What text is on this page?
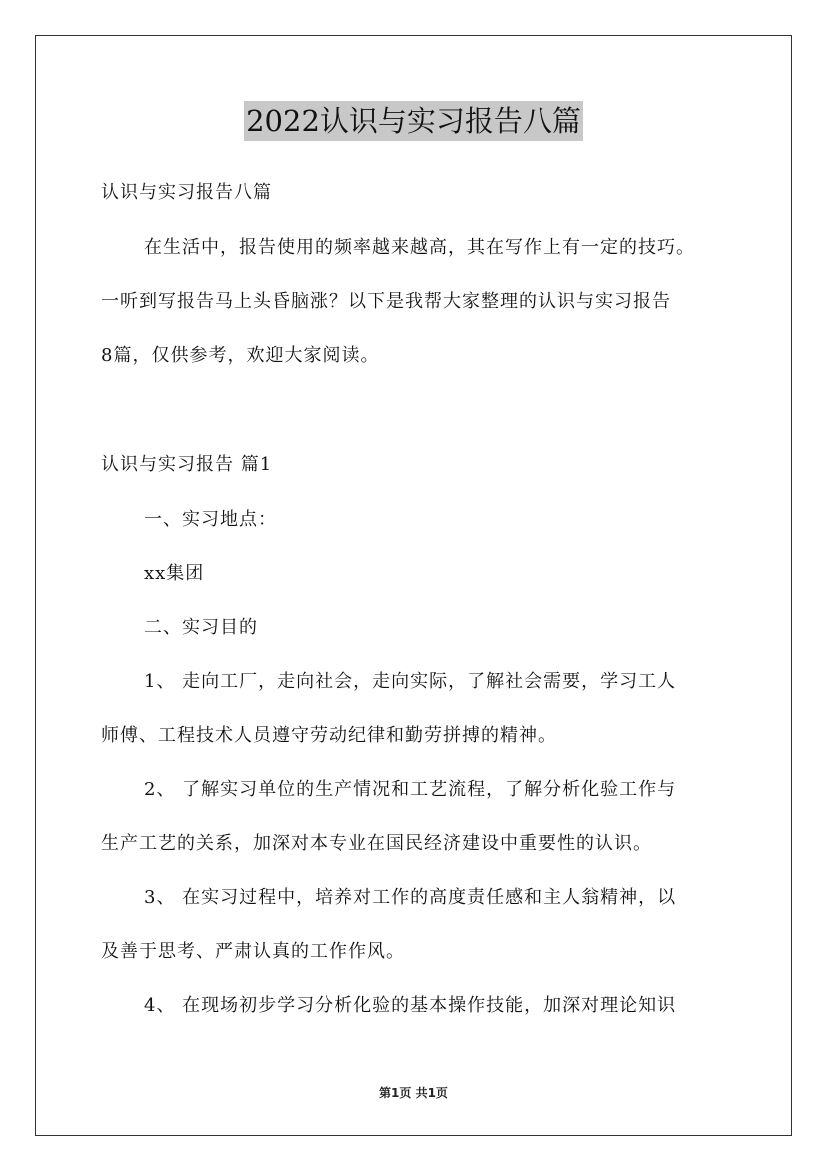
2022认识与实习报告八篇
认识与实习报告八篇
在生活中，报告使用的频率越来越高，其在写作上有一定的技巧。
一听到写报告马上头昏脑涨？以下是我帮大家整理的认识与实习报告
8篇，仅供参考，欢迎大家阅读。
认识与实习报告 篇1
一、实习地点：
xx集团
二、实习目的
1、 走向工厂，走向社会，走向实际，了解社会需要，学习工人
师傅、工程技术人员遵守劳动纪律和勤劳拼搏的精神。
2、 了解实习单位的生产情况和工艺流程，了解分析化验工作与
生产工艺的关系，加深对本专业在国民经济建设中重要性的认识。
3、 在实习过程中，培养对工作的高度责任感和主人翁精神，以
及善于思考、严肃认真的工作作风。
4、 在现场初步学习分析化验的基本操作技能，加深对理论知识
第1页 共1页
